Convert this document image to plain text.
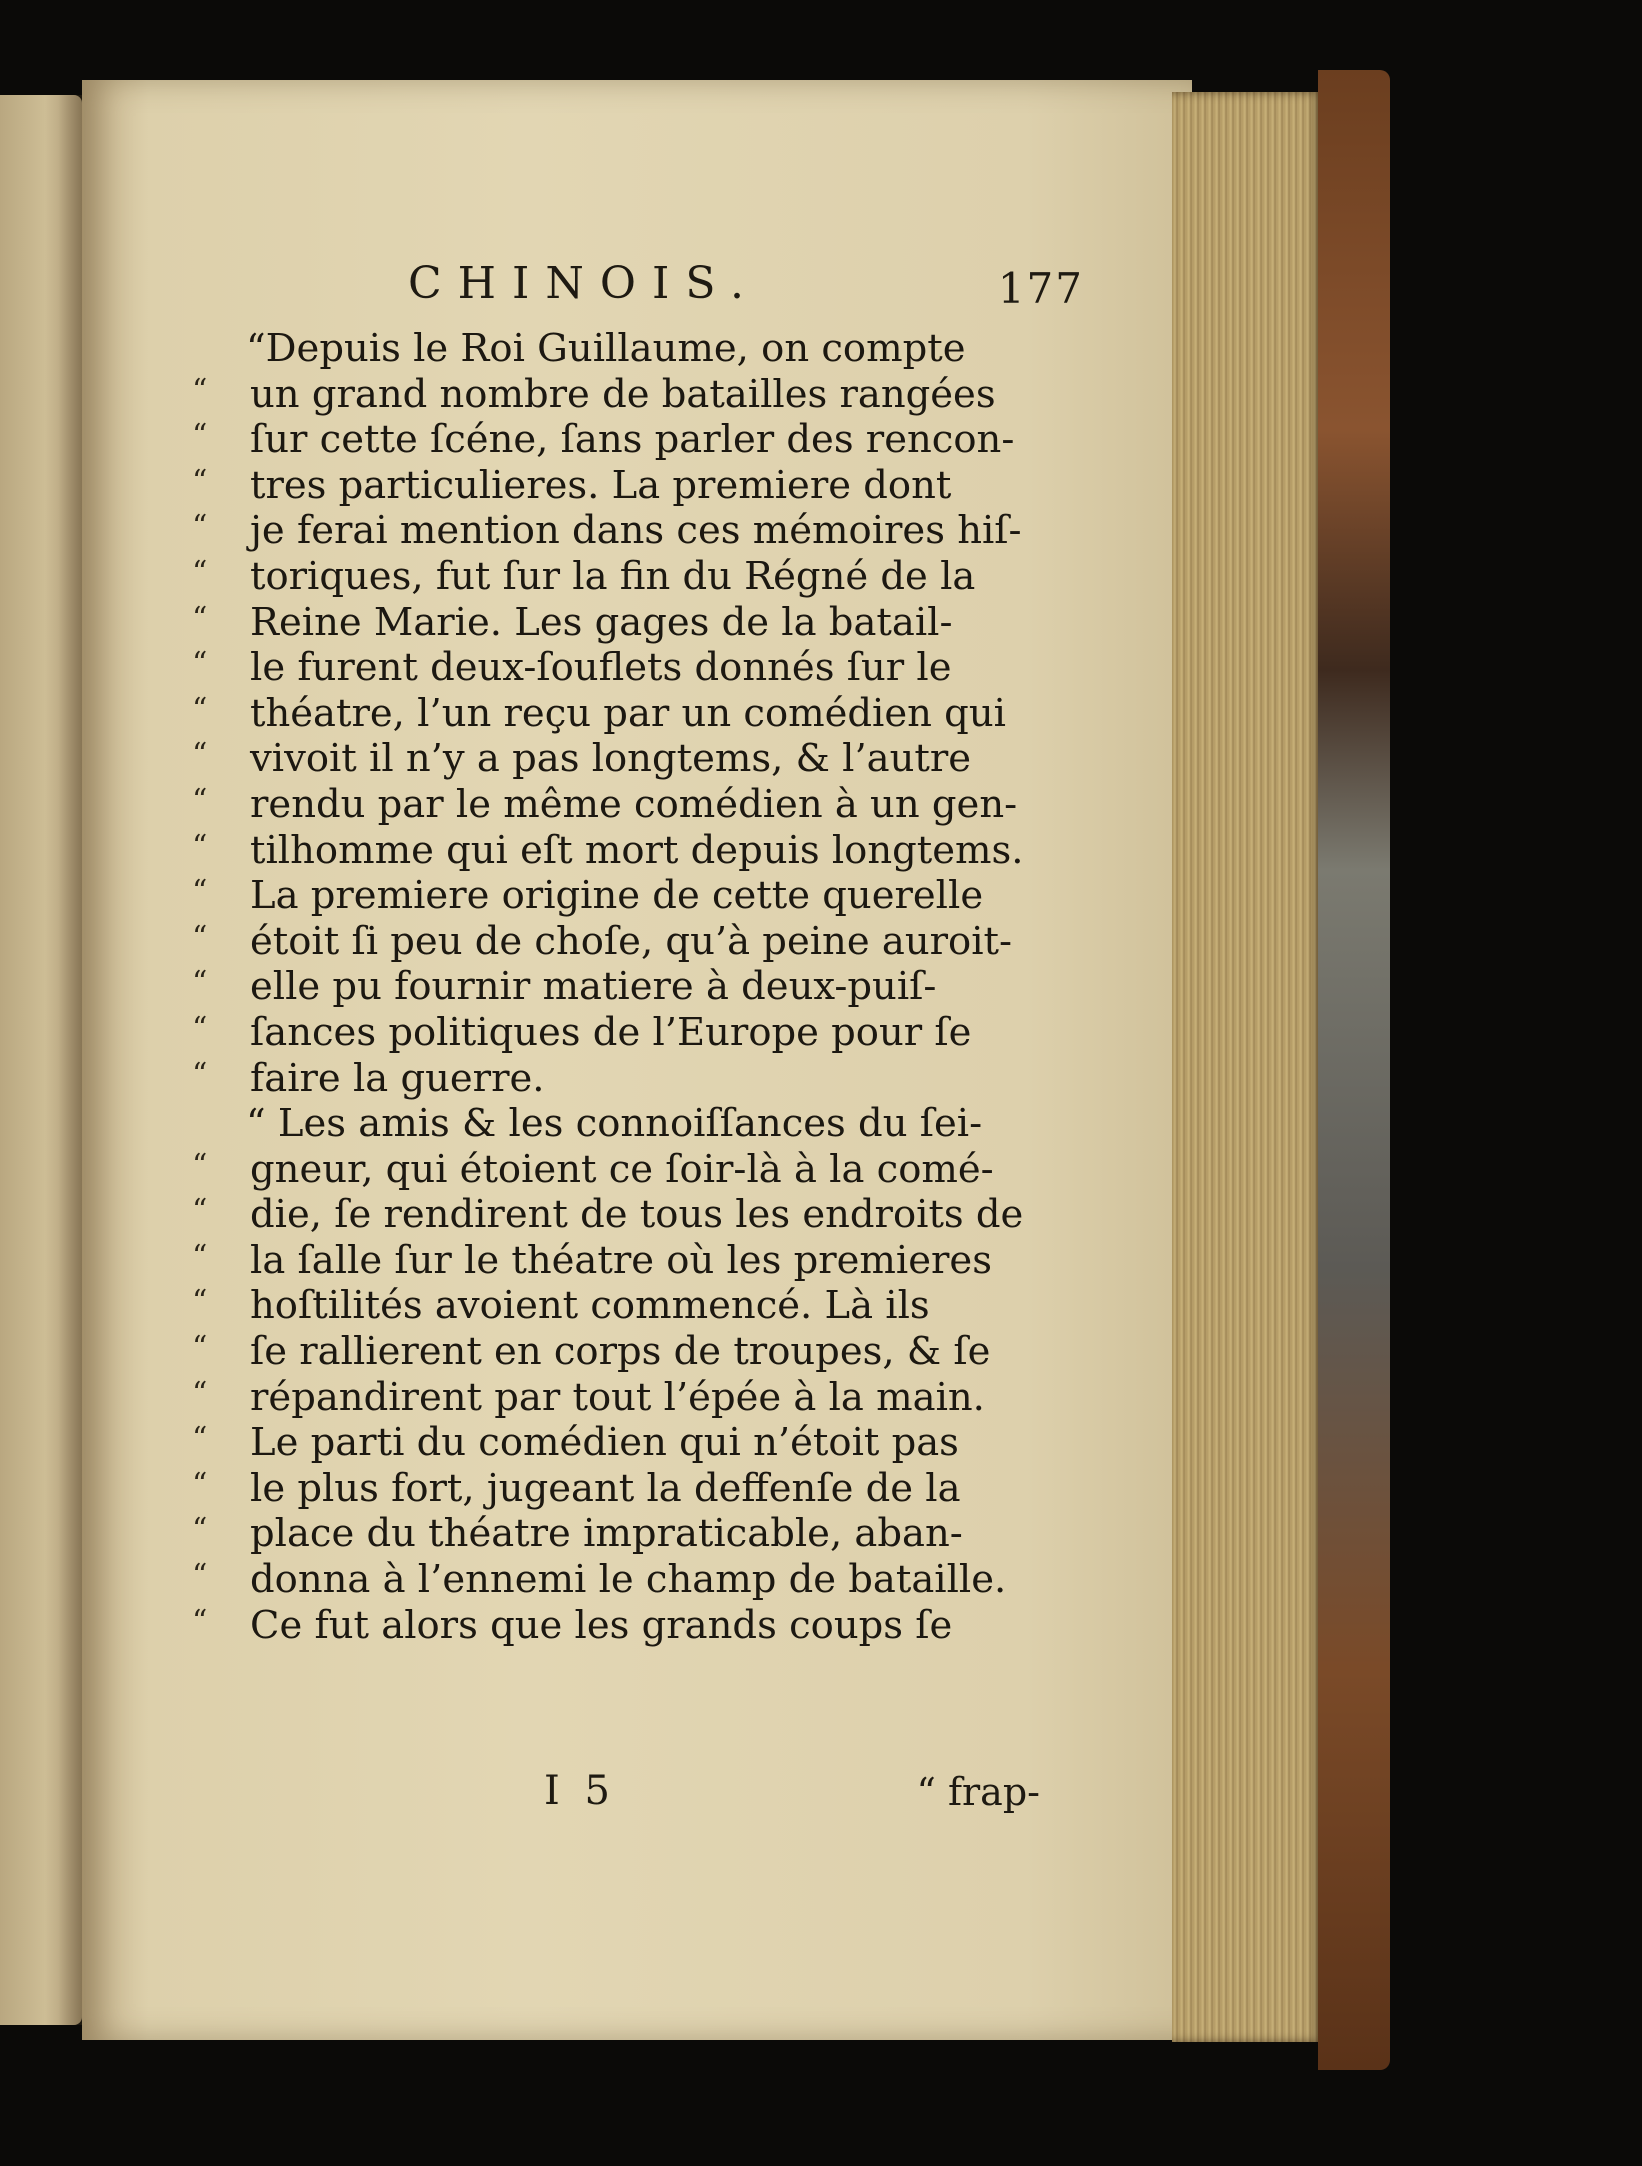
CHINOIS.	177
“Depuis le Roi Guillaume, on compte
“	un grand nombre de batailles rangées
“	ſur cette ſcéne, ſans parler des rencon-
“	tres particulieres. La premiere dont
“	je ferai mention dans ces mémoires hiſ-
“	toriques, fut ſur la fin du Régné de la
“	Reine Marie. Les gages de la batail-
“	le furent deux-ſouflets donnés ſur le
“	théatre, l’un reçu par un comédien qui
“	vivoit il n’y a pas longtems, & l’autre
“	rendu par le même comédien à un gen-
“	tilhomme qui eſt mort depuis longtems.
“	La premiere origine de cette querelle
“	étoit ſi peu de choſe, qu’à peine auroit-
“	elle pu fournir matiere à deux-puiſ-
“	ſances politiques de l’Europe pour ſe
“	faire la guerre.
“ Les amis & les connoiſſances du ſei-
“	gneur, qui étoient ce ſoir-là à la comé-
“	die, ſe rendirent de tous les endroits de
“	la ſalle ſur le théatre où les premieres
“	hoſtilités avoient commencé. Là ils
“	ſe rallierent en corps de troupes, & ſe
“	répandirent par tout l’épée à la main.
“	Le parti du comédien qui n’étoit pas
“	le plus fort, jugeant la deffenſe de la
“	place du théatre impraticable, aban-
“	donna à l’ennemi le champ de bataille.
“	Ce fut alors que les grands coups ſe
I 5	“ frap-
